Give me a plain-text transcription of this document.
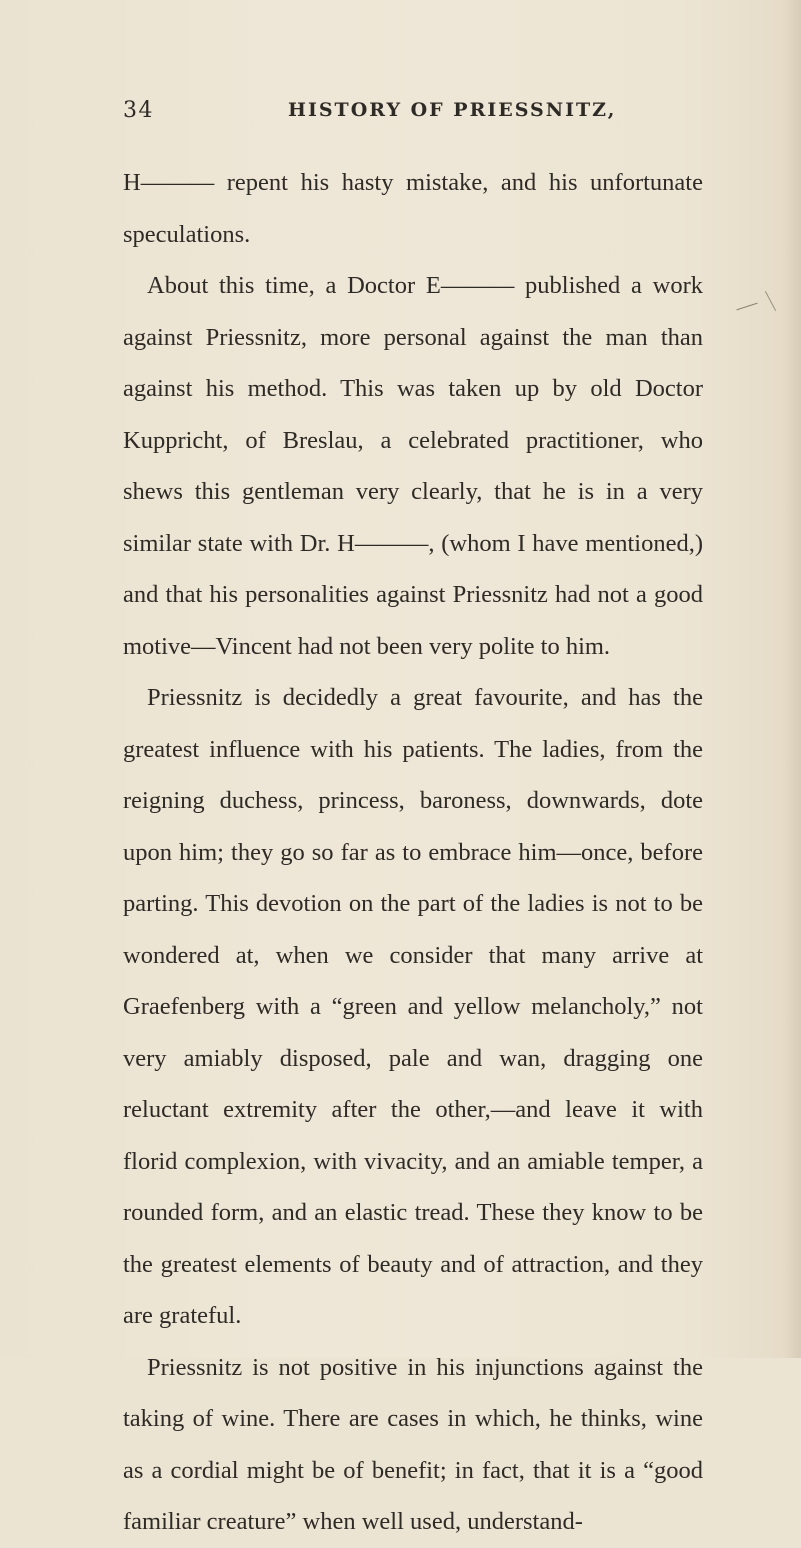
34	HISTORY OF PRIESSNITZ,

H——— repent his hasty mistake, and his unfortunate speculations.

About this time, a Doctor E——— published a work against Priessnitz, more personal against the man than against his method. This was taken up by old Doctor Kuppricht, of Breslau, a celebrated practitioner, who shews this gentleman very clearly, that he is in a very similar state with Dr. H———, (whom I have mentioned,) and that his personalities against Priessnitz had not a good motive—Vincent had not been very polite to him.

Priessnitz is decidedly a great favourite, and has the greatest influence with his patients. The ladies, from the reigning duchess, princess, baroness, downwards, dote upon him; they go so far as to embrace him—once, before parting. This devotion on the part of the ladies is not to be wondered at, when we consider that many arrive at Graefenberg with a “green and yellow melancholy,” not very amiably disposed, pale and wan, dragging one reluctant extremity after the other,—and leave it with florid complexion, with vivacity, and an amiable temper, a rounded form, and an elastic tread. These they know to be the greatest elements of beauty and of attraction, and they are grateful.

Priessnitz is not positive in his injunctions against the taking of wine. There are cases in which, he thinks, wine as a cordial might be of benefit; in fact, that it is a “good familiar creature” when well used, understand-
